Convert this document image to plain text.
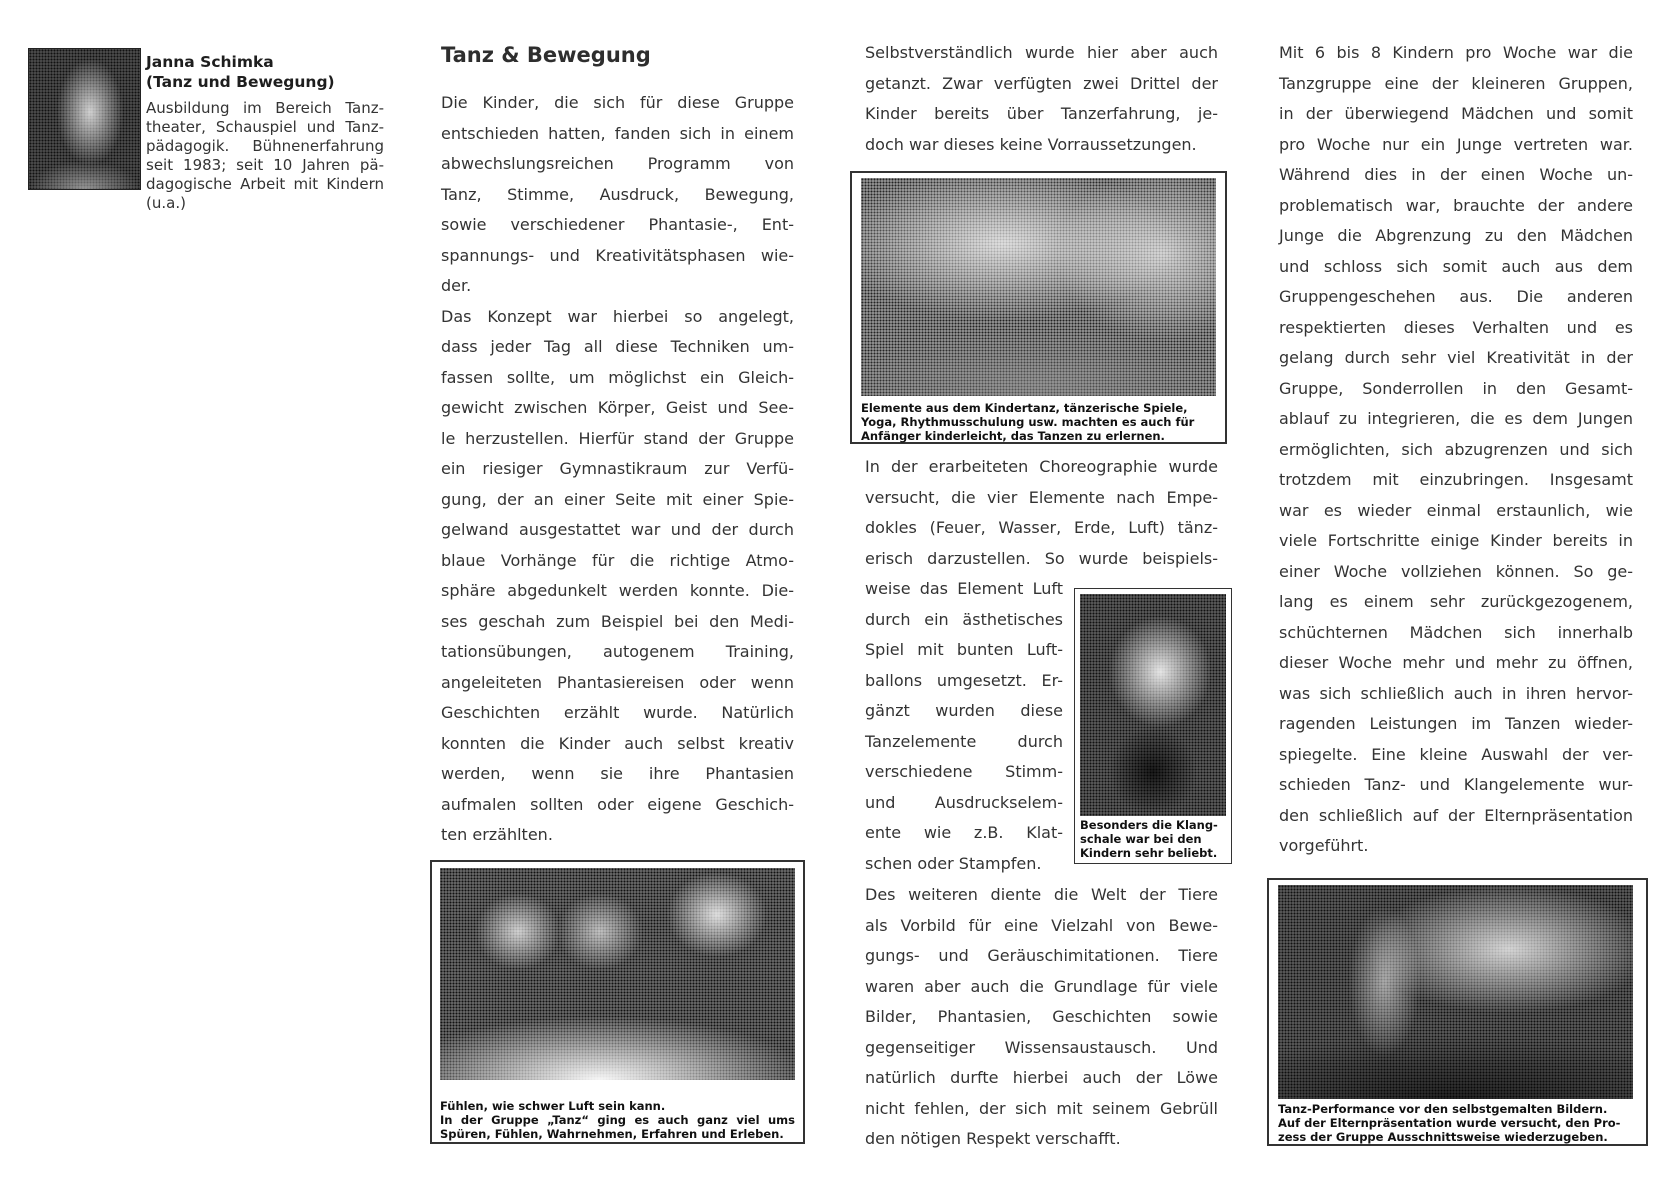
Janna Schimka
(Tanz und Bewegung)
Ausbildung im Bereich Tanz-
theater, Schauspiel und Tanz-
pädagogik. Bühnenerfahrung
seit 1983; seit 10 Jahren pä-
dagogische Arbeit mit Kindern
(u.a.)
Tanz & Bewegung
Die Kinder, die sich für diese Gruppe
entschieden hatten, fanden sich in einem
abwechslungsreichen Programm von
Tanz, Stimme, Ausdruck, Bewegung,
sowie verschiedener Phantasie-, Ent-
spannungs- und Kreativitätsphasen wie-
der.
Das Konzept war hierbei so angelegt,
dass jeder Tag all diese Techniken um-
fassen sollte, um möglichst ein Gleich-
gewicht zwischen Körper, Geist und See-
le herzustellen. Hierfür stand der Gruppe
ein riesiger Gymnastikraum zur Verfü-
gung, der an einer Seite mit einer Spie-
gelwand ausgestattet war und der durch
blaue Vorhänge für die richtige Atmo-
sphäre abgedunkelt werden konnte. Die-
ses geschah zum Beispiel bei den Medi-
tationsübungen, autogenem Training,
angeleiteten Phantasiereisen oder wenn
Geschichten erzählt wurde. Natürlich
konnten die Kinder auch selbst kreativ
werden, wenn sie ihre Phantasien
aufmalen sollten oder eigene Geschich-
ten erzählten.
Fühlen, wie schwer Luft sein kann.
In der Gruppe „Tanz“ ging es auch ganz viel ums
Spüren, Fühlen, Wahrnehmen, Erfahren und Erleben.
Selbstverständlich wurde hier aber auch
getanzt. Zwar verfügten zwei Drittel der
Kinder bereits über Tanzerfahrung, je-
doch war dieses keine Vorraussetzungen.
Elemente aus dem Kindertanz, tänzerische Spiele,
Yoga, Rhythmusschulung usw. machten es auch für
Anfänger kinderleicht, das Tanzen zu erlernen.
In der erarbeiteten Choreographie wurde
versucht, die vier Elemente nach Empe-
dokles (Feuer, Wasser, Erde, Luft) tänz-
erisch darzustellen. So wurde beispiels-
weise das Element Luft
durch ein ästhetisches
Spiel mit bunten Luft-
ballons umgesetzt. Er-
gänzt wurden diese
Tanzelemente durch
verschiedene Stimm-
und Ausdruckselem-
ente wie z.B. Klat-
schen oder Stampfen.
Besonders die Klang-
schale war bei den
Kindern sehr beliebt.
Des weiteren diente die Welt der Tiere
als Vorbild für eine Vielzahl von Bewe-
gungs- und Geräuschimitationen. Tiere
waren aber auch die Grundlage für viele
Bilder, Phantasien, Geschichten sowie
gegenseitiger Wissensaustausch. Und
natürlich durfte hierbei auch der Löwe
nicht fehlen, der sich mit seinem Gebrüll
den nötigen Respekt verschafft.
Mit 6 bis 8 Kindern pro Woche war die
Tanzgruppe eine der kleineren Gruppen,
in der überwiegend Mädchen und somit
pro Woche nur ein Junge vertreten war.
Während dies in der einen Woche un-
problematisch war, brauchte der andere
Junge die Abgrenzung zu den Mädchen
und schloss sich somit auch aus dem
Gruppengeschehen aus. Die anderen
respektierten dieses Verhalten und es
gelang durch sehr viel Kreativität in der
Gruppe, Sonderrollen in den Gesamt-
ablauf zu integrieren, die es dem Jungen
ermöglichten, sich abzugrenzen und sich
trotzdem mit einzubringen. Insgesamt
war es wieder einmal erstaunlich, wie
viele Fortschritte einige Kinder bereits in
einer Woche vollziehen können. So ge-
lang es einem sehr zurückgezogenem,
schüchternen Mädchen sich innerhalb
dieser Woche mehr und mehr zu öffnen,
was sich schließlich auch in ihren hervor-
ragenden Leistungen im Tanzen wieder-
spiegelte. Eine kleine Auswahl der ver-
schieden Tanz- und Klangelemente wur-
den schließlich auf der Elternpräsentation
vorgeführt.
Tanz-Performance vor den selbstgemalten Bildern.
Auf der Elternpräsentation wurde versucht, den Pro-
zess der Gruppe Ausschnittsweise wiederzugeben.
